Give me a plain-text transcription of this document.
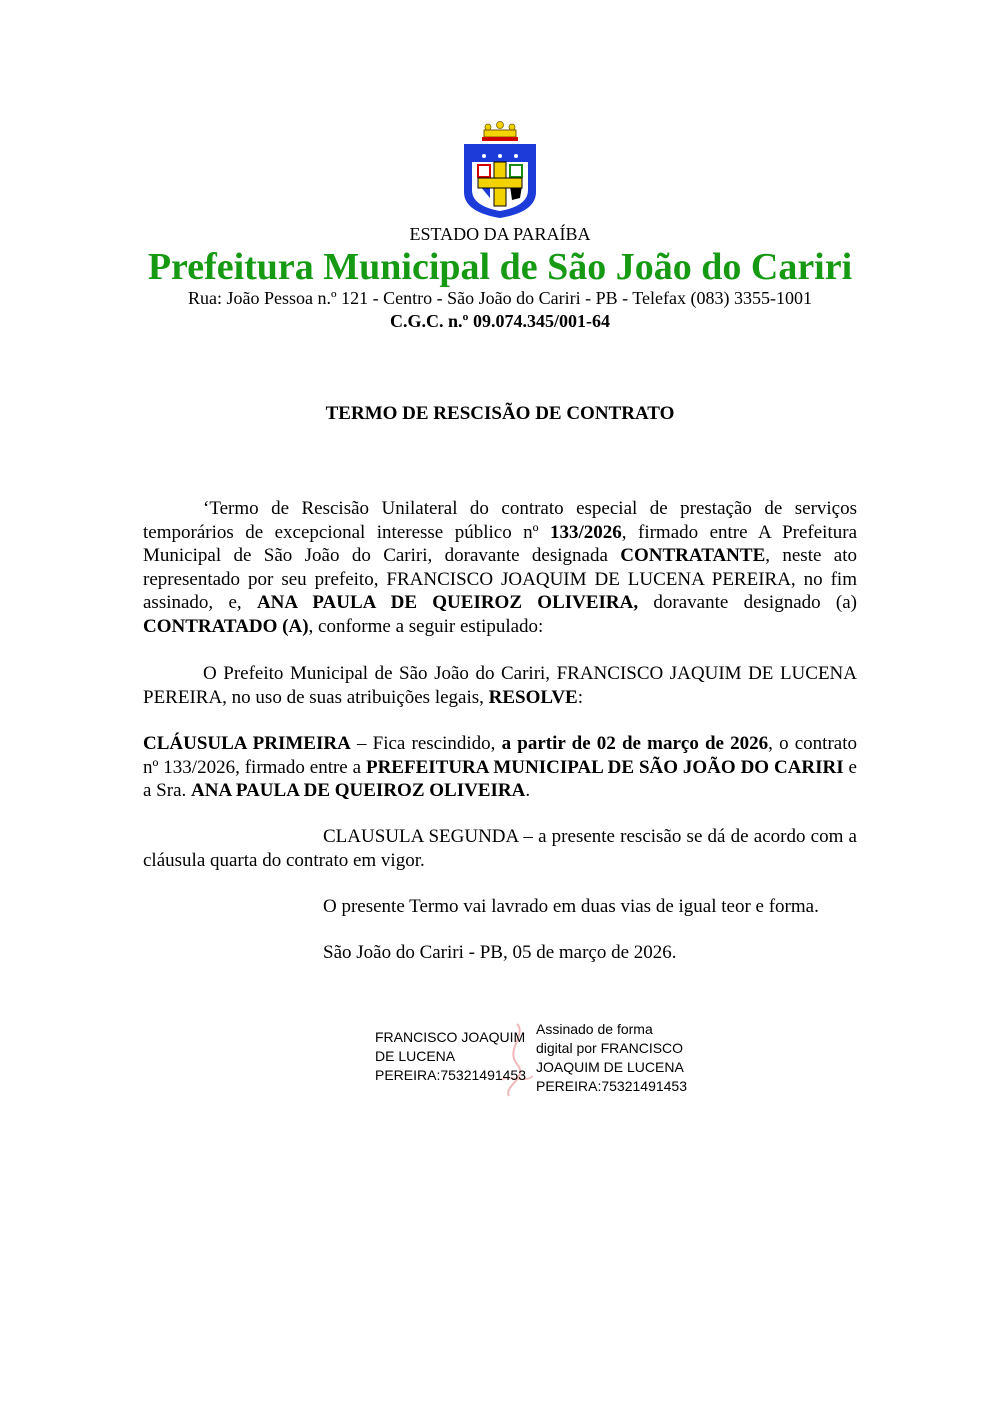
ESTADO DA PARAÍBA
Prefeitura Municipal de São João do Cariri
Rua: João Pessoa n.º 121 - Centro - São João do Cariri - PB - Telefax (083) 3355-1001
C.G.C. n.º 09.074.345/001-64
TERMO DE RESCISÃO DE CONTRATO
‘Termo de Rescisão Unilateral do contrato especial de prestação de serviços temporários de excepcional interesse público nº 133/2026, firmado entre A Prefeitura Municipal de São João do Cariri, doravante designada CONTRATANTE, neste ato representado por seu prefeito, FRANCISCO JOAQUIM DE LUCENA PEREIRA, no fim assinado, e, ANA PAULA DE QUEIROZ OLIVEIRA, doravante designado (a) CONTRATADO (A), conforme a seguir estipulado:
O Prefeito Municipal de São João do Cariri, FRANCISCO JAQUIM DE LUCENA PEREIRA, no uso de suas atribuições legais, RESOLVE:
CLÁUSULA PRIMEIRA – Fica rescindido, a partir de 02 de março de 2026, o contrato nº 133/2026, firmado entre a PREFEITURA MUNICIPAL DE SÃO JOÃO DO CARIRI e a Sra. ANA PAULA DE QUEIROZ OLIVEIRA.
CLAUSULA SEGUNDA – a presente rescisão se dá de acordo com a cláusula quarta do contrato em vigor.
O presente Termo vai lavrado em duas vias de igual teor e forma.
São João do Cariri - PB, 05 de março de 2026.
FRANCISCO JOAQUIM
DE LUCENA
PEREIRA:75321491453
Assinado de forma
digital por FRANCISCO
JOAQUIM DE LUCENA
PEREIRA:75321491453
